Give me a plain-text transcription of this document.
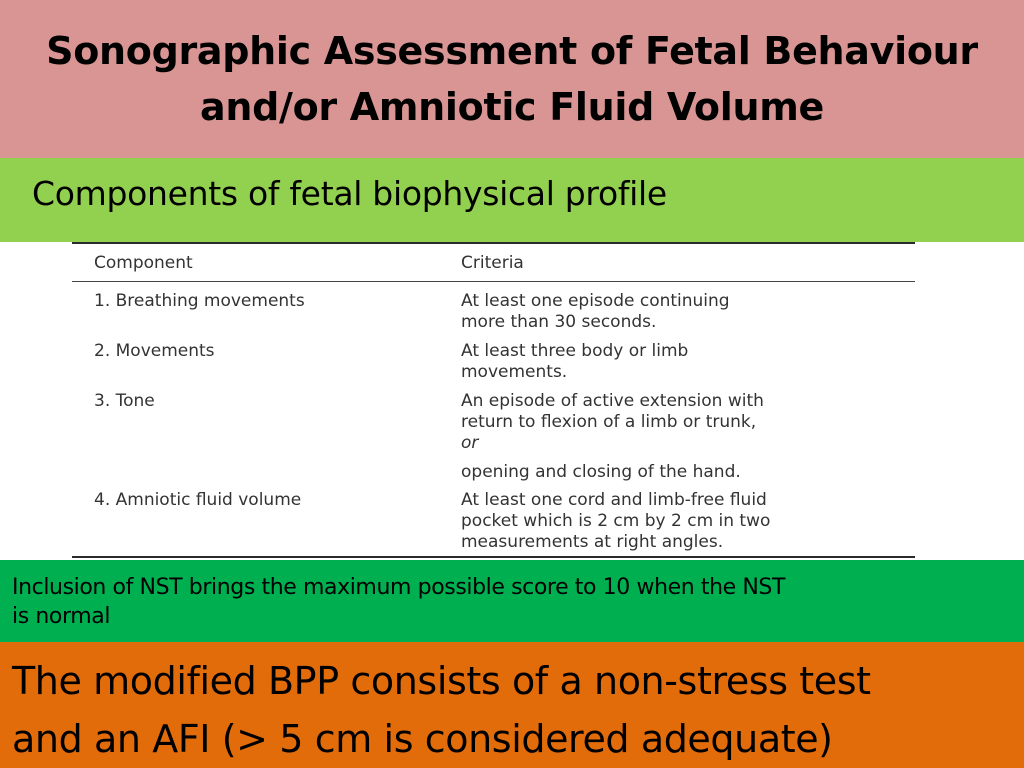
Sonographic Assessment of Fetal Behaviour
and/or Amniotic Fluid Volume
Components of fetal biophysical profile
Component	Criteria
1. Breathing movements	At least one episode continuing
more than 30 seconds.
2. Movements	At least three body or limb
movements.
3. Tone	An episode of active extension with
return to flexion of a limb or trunk,
or
opening and closing of the hand.
4. Amniotic fluid volume	At least one cord and limb-free fluid
pocket which is 2 cm by 2 cm in two
measurements at right angles.
Inclusion of NST brings the maximum possible score to 10 when the NST
is normal
The modified BPP consists of a non-stress test
and an AFI (> 5 cm is considered adequate)
